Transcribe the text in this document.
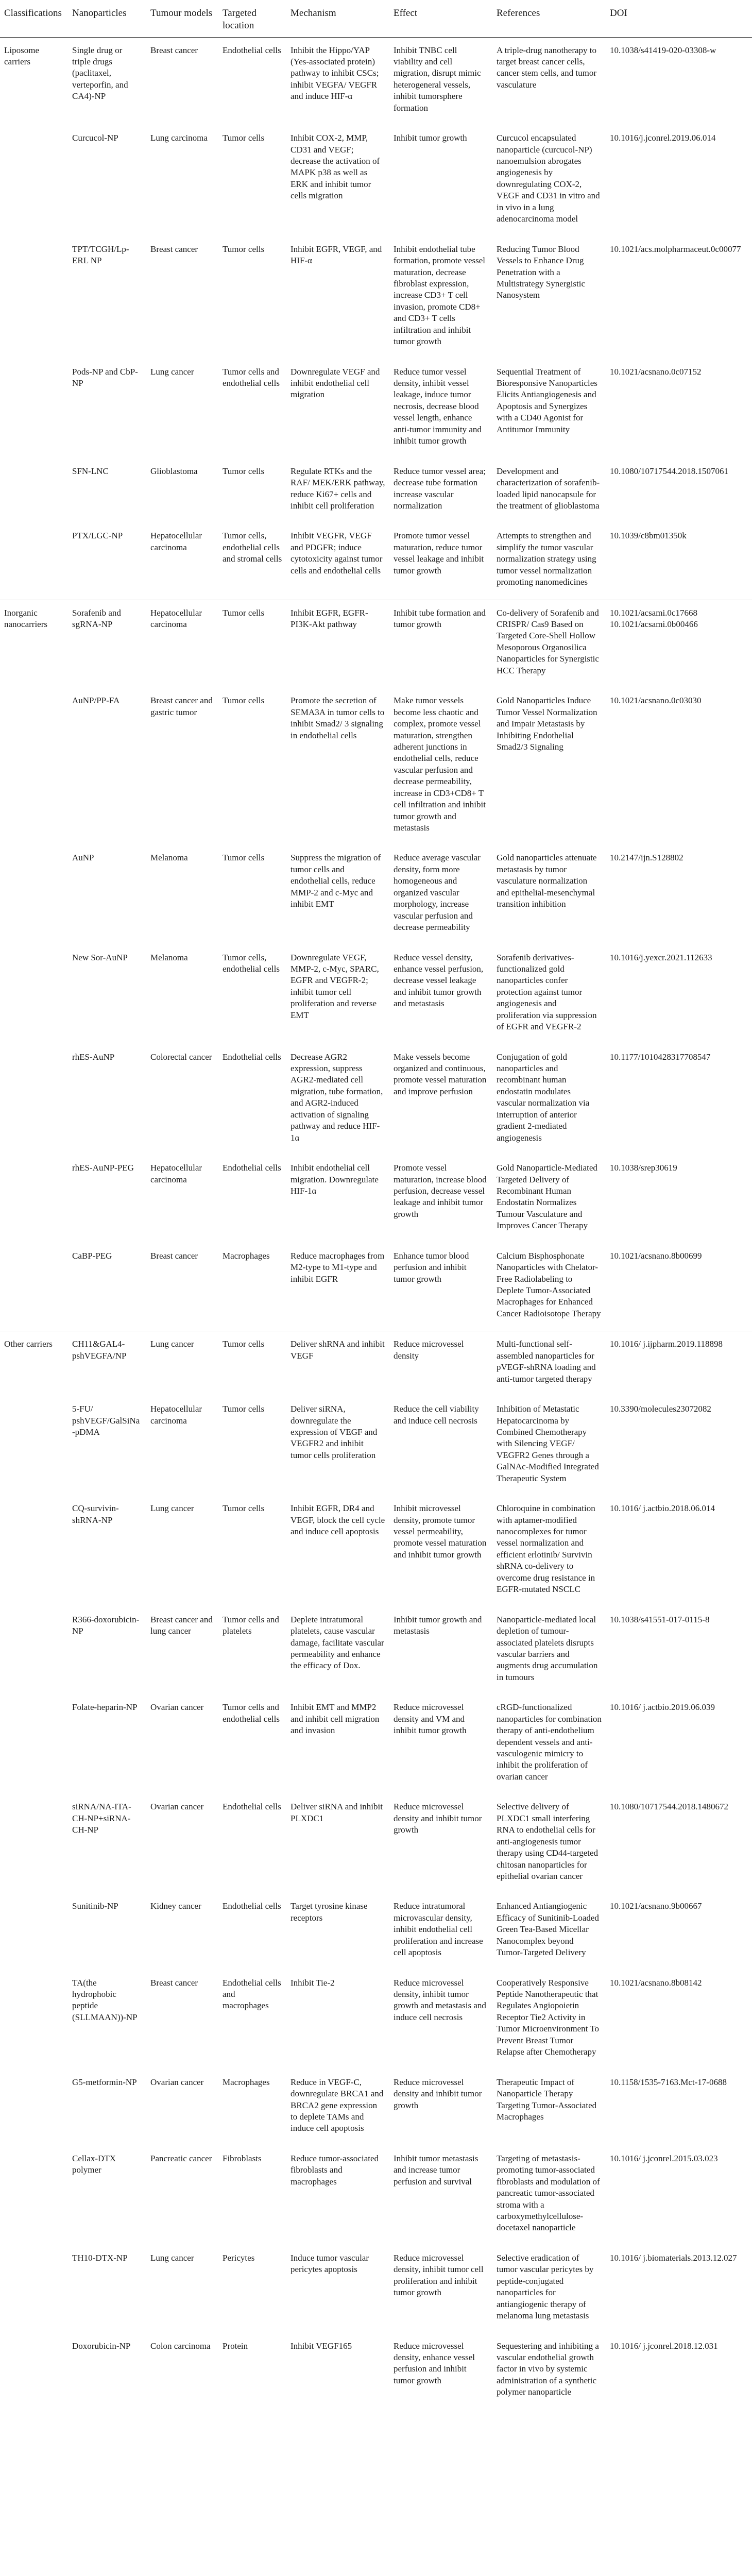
Classifications	Nanoparticles	Tumour models	Targeted location	Mechanism	Effect	References	DOI
Liposome carriers	Single drug or triple drugs (paclitaxel, verteporfin, and CA4)-NP	Breast cancer	Endothelial cells	Inhibit the Hippo/YAP (Yes-associated protein) pathway to inhibit CSCs; inhibit VEGFA/ VEGFR and induce HIF-α	Inhibit TNBC cell viability and cell migration, disrupt mimic heterogeneral vessels, inhibit tumorsphere formation	A triple-drug nanotherapy to target breast cancer cells, cancer stem cells, and tumor vasculature	10.1038/s41419-020-03308-w
	Curcucol-NP	Lung carcinoma	Tumor cells	Inhibit COX-2, MMP, CD31 and VEGF; decrease the activation of MAPK p38 as well as ERK and inhibit tumor cells migration	Inhibit tumor growth	Curcucol encapsulated nanoparticle (curcucol-NP) nanoemulsion abrogates angiogenesis by downregulating COX-2, VEGF and CD31 in vitro and in vivo in a lung adenocarcinoma model	10.1016/j.jconrel.2019.06.014
	TPT/TCGH/Lp-ERL NP	Breast cancer	Tumor cells	Inhibit EGFR, VEGF, and HIF-α	Inhibit endothelial tube formation, promote vessel maturation, decrease fibroblast expression, increase CD3+ T cell invasion, promote CD8+ and CD3+ T cells infiltration and inhibit tumor growth	Reducing Tumor Blood Vessels to Enhance Drug Penetration with a Multistrategy Synergistic Nanosystem	10.1021/acs.molpharmaceut.0c00077
	Pods-NP and CbP-NP	Lung cancer	Tumor cells and endothelial cells	Downregulate VEGF and inhibit endothelial cell migration	Reduce tumor vessel density, inhibit vessel leakage, induce tumor necrosis, decrease blood vessel length, enhance anti-tumor immunity and inhibit tumor growth	Sequential Treatment of Bioresponsive Nanoparticles Elicits Antiangiogenesis and Apoptosis and Synergizes with a CD40 Agonist for Antitumor Immunity	10.1021/acsnano.0c07152
	SFN-LNC	Glioblastoma	Tumor cells	Regulate RTKs and the RAF/ MEK/ERK pathway, reduce Ki67+ cells and inhibit cell proliferation	Reduce tumor vessel area; decrease tube formation increase vascular normalization	Development and characterization of sorafenib-loaded lipid nanocapsule for the treatment of glioblastoma	10.1080/10717544.2018.1507061
	PTX/LGC-NP	Hepatocellular carcinoma	Tumor cells, endothelial cells and stromal cells	Inhibit VEGFR, VEGF and PDGFR; induce cytotoxicity against tumor cells and endothelial cells	Promote tumor vessel maturation, reduce tumor vessel leakage and inhibit tumor growth	Attempts to strengthen and simplify the tumor vascular normalization strategy using tumor vessel normalization promoting nanomedicines	10.1039/c8bm01350k
Inorganic nanocarriers	Sorafenib and sgRNA-NP	Hepatocellular carcinoma	Tumor cells	Inhibit EGFR, EGFR-PI3K-Akt pathway	Inhibit tube formation and tumor growth	Co-delivery of Sorafenib and CRISPR/ Cas9 Based on Targeted Core-Shell Hollow Mesoporous Organosilica Nanoparticles for Synergistic HCC Therapy	10.1021/acsami.0c17668 10.1021/acsami.0b00466
	AuNP/PP-FA	Breast cancer and gastric tumor	Tumor cells	Promote the secretion of SEMA3A in tumor cells to inhibit Smad2/ 3 signaling in endothelial cells	Make tumor vessels become less chaotic and complex, promote vessel maturation, strengthen adherent junctions in endothelial cells, reduce vascular perfusion and decrease permeability, increase in CD3+CD8+ T cell infiltration and inhibit tumor growth and metastasis	Gold Nanoparticles Induce Tumor Vessel Normalization and Impair Metastasis by Inhibiting Endothelial Smad2/3 Signaling	10.1021/acsnano.0c03030
	AuNP	Melanoma	Tumor cells	Suppress the migration of tumor cells and endothelial cells, reduce MMP-2 and c-Myc and inhibit EMT	Reduce average vascular density, form more homogeneous and organized vascular morphology, increase vascular perfusion and decrease permeability	Gold nanoparticles attenuate metastasis by tumor vasculature normalization and epithelial-mesenchymal transition inhibition	10.2147/ijn.S128802
	New Sor-AuNP	Melanoma	Tumor cells, endothelial cells	Downregulate VEGF, MMP-2, c-Myc, SPARC, EGFR and VEGFR-2; inhibit tumor cell proliferation and reverse EMT	Reduce vessel density, enhance vessel perfusion, decrease vessel leakage and inhibit tumor growth and metastasis	Sorafenib derivatives-functionalized gold nanoparticles confer protection against tumor angiogenesis and proliferation via suppression of EGFR and VEGFR-2	10.1016/j.yexcr.2021.112633
	rhES-AuNP	Colorectal cancer	Endothelial cells	Decrease AGR2 expression, suppress AGR2-mediated cell migration, tube formation, and AGR2-induced activation of signaling pathway and reduce HIF-1α	Make vessels become organized and continuous, promote vessel maturation and improve perfusion	Conjugation of gold nanoparticles and recombinant human endostatin modulates vascular normalization via interruption of anterior gradient 2-mediated angiogenesis	10.1177/1010428317708547
	rhES-AuNP-PEG	Hepatocellular carcinoma	Endothelial cells	Inhibit endothelial cell migration. Downregulate HIF-1α	Promote vessel maturation, increase blood perfusion, decrease vessel leakage and inhibit tumor growth	Gold Nanoparticle-Mediated Targeted Delivery of Recombinant Human Endostatin Normalizes Tumour Vasculature and Improves Cancer Therapy	10.1038/srep30619
	CaBP-PEG	Breast cancer	Macrophages	Reduce macrophages from M2-type to M1-type and inhibit EGFR	Enhance tumor blood perfusion and inhibit tumor growth	Calcium Bisphosphonate Nanoparticles with Chelator-Free Radiolabeling to Deplete Tumor-Associated Macrophages for Enhanced Cancer Radioisotope Therapy	10.1021/acsnano.8b00699
Other carriers	CH11&GAL4-pshVEGFA/NP	Lung cancer	Tumor cells	Deliver shRNA and inhibit VEGF	Reduce microvessel density	Multi-functional self-assembled nanoparticles for pVEGF-shRNA loading and anti-tumor targeted therapy	10.1016/ j.ijpharm.2019.118898
	5-FU/ pshVEGF/GalSiNa-pDMA	Hepatocellular carcinoma	Tumor cells	Deliver siRNA, downregulate the expression of VEGF and VEGFR2 and inhibit tumor cells proliferation	Reduce the cell viability and induce cell necrosis	Inhibition of Metastatic Hepatocarcinoma by Combined Chemotherapy with Silencing VEGF/ VEGFR2 Genes through a GalNAc-Modified Integrated Therapeutic System	10.3390/molecules23072082
	CQ-survivin-shRNA-NP	Lung cancer	Tumor cells	Inhibit EGFR, DR4 and VEGF, block the cell cycle and induce cell apoptosis	Inhibit microvessel density, promote tumor vessel permeability, promote vessel maturation and inhibit tumor growth	Chloroquine in combination with aptamer-modified nanocomplexes for tumor vessel normalization and efficient erlotinib/ Survivin shRNA co-delivery to overcome drug resistance in EGFR-mutated NSCLC	10.1016/ j.actbio.2018.06.014
	R366-doxorubicin-NP	Breast cancer and lung cancer	Tumor cells and platelets	Deplete intratumoral platelets, cause vascular damage, facilitate vascular permeability and enhance the efficacy of Dox.	Inhibit tumor growth and metastasis	Nanoparticle-mediated local depletion of tumour-associated platelets disrupts vascular barriers and augments drug accumulation in tumours	10.1038/s41551-017-0115-8
	Folate-heparin-NP	Ovarian cancer	Tumor cells and endothelial cells	Inhibit EMT and MMP2 and inhibit cell migration and invasion	Reduce microvessel density and VM and inhibit tumor growth	cRGD-functionalized nanoparticles for combination therapy of anti-endothelium dependent vessels and anti-vasculogenic mimicry to inhibit the proliferation of ovarian cancer	10.1016/ j.actbio.2019.06.039
	siRNA/NA-ITA-CH-NP+siRNA-CH-NP	Ovarian cancer	Endothelial cells	Deliver siRNA and inhibit PLXDC1	Reduce microvessel density and inhibit tumor growth	Selective delivery of PLXDC1 small interfering RNA to endothelial cells for anti-angiogenesis tumor therapy using CD44-targeted chitosan nanoparticles for epithelial ovarian cancer	10.1080/10717544.2018.1480672
	Sunitinib-NP	Kidney cancer	Endothelial cells	Target tyrosine kinase receptors	Reduce intratumoral microvascular density, inhibit endothelial cell proliferation and increase cell apoptosis	Enhanced Antiangiogenic Efficacy of Sunitinib-Loaded Green Tea-Based Micellar Nanocomplex beyond Tumor-Targeted Delivery	10.1021/acsnano.9b00667
	TA(the hydrophobic peptide (SLLMAAN))-NP	Breast cancer	Endothelial cells and macrophages	Inhibit Tie-2	Reduce microvessel density, inhibit tumor growth and metastasis and induce cell necrosis	Cooperatively Responsive Peptide Nanotherapeutic that Regulates Angiopoietin Receptor Tie2 Activity in Tumor Microenvironment To Prevent Breast Tumor Relapse after Chemotherapy	10.1021/acsnano.8b08142
	G5-metformin-NP	Ovarian cancer	Macrophages	Reduce in VEGF-C, downregulate BRCA1 and BRCA2 gene expression to deplete TAMs and induce cell apoptosis	Reduce microvessel density and inhibit tumor growth	Therapeutic Impact of Nanoparticle Therapy Targeting Tumor-Associated Macrophages	10.1158/1535-7163.Mct-17-0688
	Cellax-DTX polymer	Pancreatic cancer	Fibroblasts	Reduce tumor-associated fibroblasts and macrophages	Inhibit tumor metastasis and increase tumor perfusion and survival	Targeting of metastasis-promoting tumor-associated fibroblasts and modulation of pancreatic tumor-associated stroma with a carboxymethylcellulose-docetaxel nanoparticle	10.1016/ j.jconrel.2015.03.023
	TH10-DTX-NP	Lung cancer	Pericytes	Induce tumor vascular pericytes apoptosis	Reduce microvessel density, inhibit tumor cell proliferation and inhibit tumor growth	Selective eradication of tumor vascular pericytes by peptide-conjugated nanoparticles for antiangiogenic therapy of melanoma lung metastasis	10.1016/ j.biomaterials.2013.12.027
	Doxorubicin-NP	Colon carcinoma	Protein	Inhibit VEGF165	Reduce microvessel density, enhance vessel perfusion and inhibit tumor growth	Sequestering and inhibiting a vascular endothelial growth factor in vivo by systemic administration of a synthetic polymer nanoparticle	10.1016/ j.jconrel.2018.12.031
